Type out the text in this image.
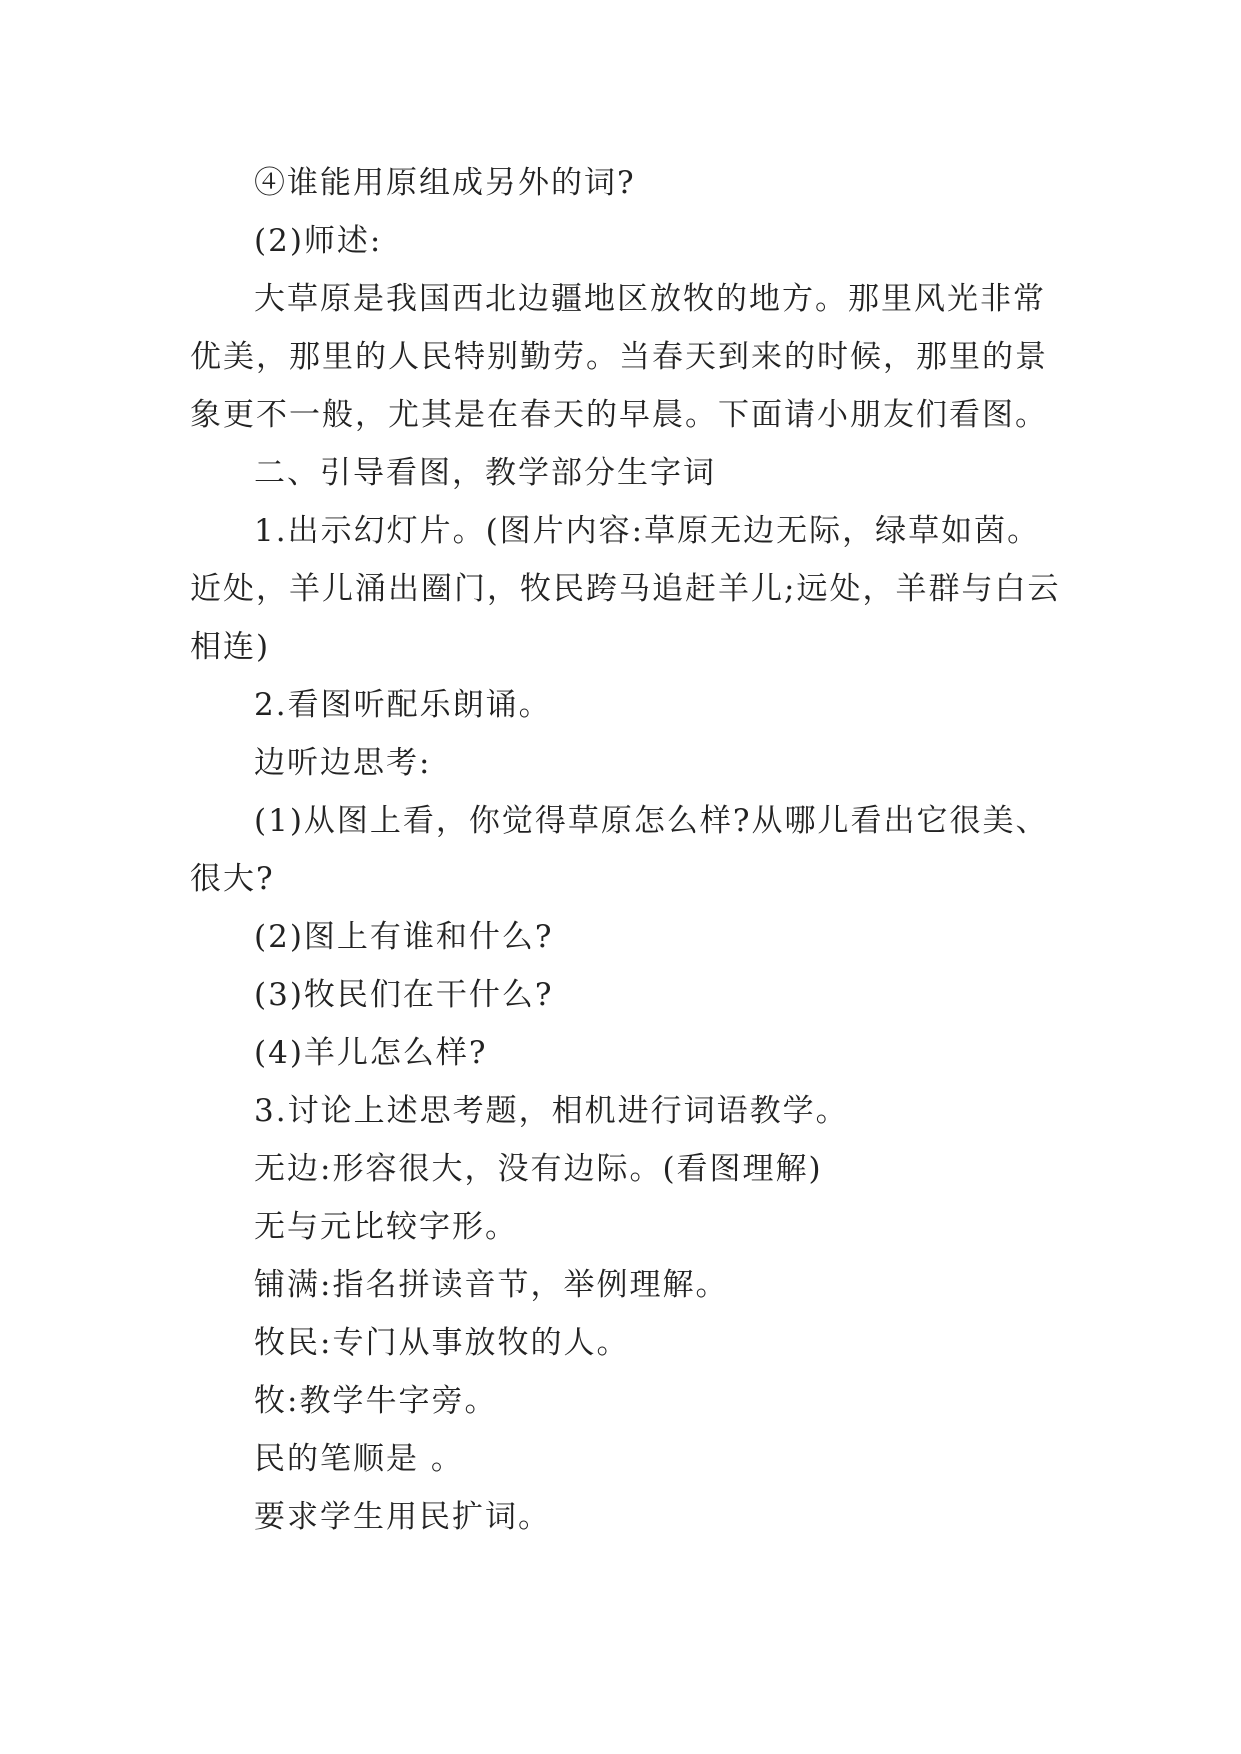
④谁能用原组成另外的词?

(2)师述:

大草原是我国西北边疆地区放牧的地方。那里风光非常优美，那里的人民特别勤劳。当春天到来的时候，那里的景象更不一般，尤其是在春天的早晨。下面请小朋友们看图。

二、引导看图，教学部分生字词

1.出示幻灯片。(图片内容:草原无边无际，绿草如茵。近处，羊儿涌出圈门，牧民跨马追赶羊儿;远处，羊群与白云相连)

2.看图听配乐朗诵。

边听边思考:

(1)从图上看，你觉得草原怎么样?从哪儿看出它很美、很大?

(2)图上有谁和什么?

(3)牧民们在干什么?

(4)羊儿怎么样?

3.讨论上述思考题，相机进行词语教学。

无边:形容很大，没有边际。(看图理解)

无与元比较字形。

铺满:指名拼读音节，举例理解。

牧民:专门从事放牧的人。

牧:教学牛字旁。

民的笔顺是 。

要求学生用民扩词。
